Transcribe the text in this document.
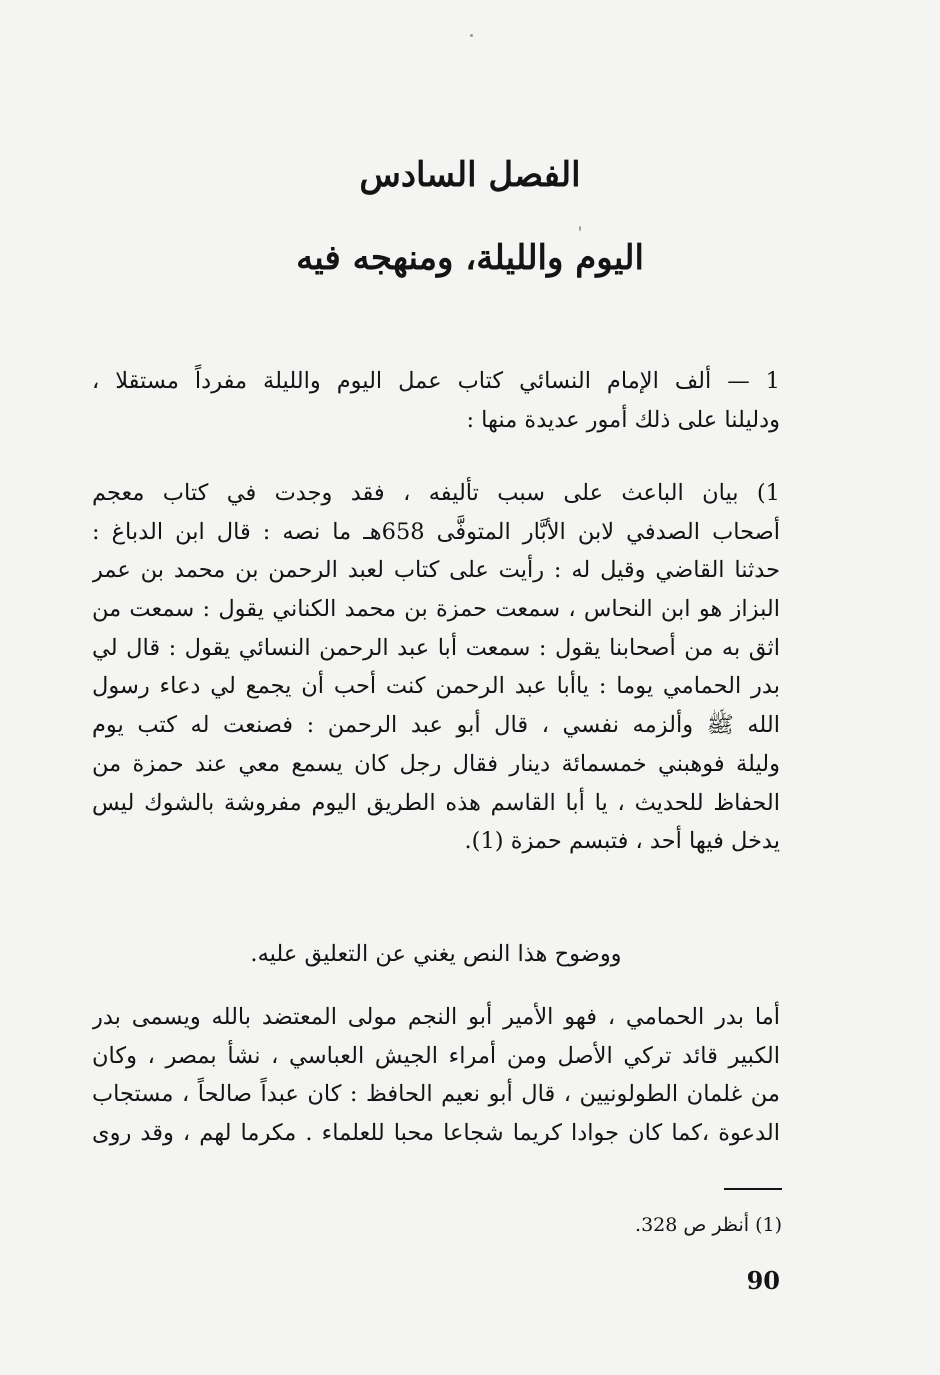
الفصل السادس
اليوم والليلة، ومنهجه فيه
1 — ألف الإمام النسائي كتاب عمل اليوم والليلة مفرداً مستقلا ،
ودليلنا على ذلك أمور عديدة منها :
1) بيان الباعث على سبب تأليفه ، فقد وجدت في كتاب معجم
أصحاب الصدفي لابن الأبَّار المتوفَّى 658هـ ما نصه : قال ابن الدباغ :
حدثنا القاضي وقيل له : رأيت على كتاب لعبد الرحمن بن محمد بن عمر
البزاز هو ابن النحاس ، سمعت حمزة بن محمد الكناني يقول : سمعت من
اثق به من أصحابنا يقول : سمعت أبا عبد الرحمن النسائي يقول : قال لي
بدر الحمامي يوما : ياأبا عبد الرحمن كنت أحب أن يجمع لي دعاء رسول
الله ﷺ وألزمه نفسي ، قال أبو عبد الرحمن : فصنعت له كتب يوم
وليلة فوهبني خمسمائة دينار فقال رجل كان يسمع معي عند حمزة من
الحفاظ للحديث ، يا أبا القاسم هذه الطريق اليوم مفروشة بالشوك ليس
يدخل فيها أحد ، فتبسم حمزة (1).
ووضوح هذا النص يغني عن التعليق عليه.
أما بدر الحمامي ، فهو الأمير أبو النجم مولى المعتضد بالله ويسمى بدر
الكبير قائد تركي الأصل ومن أمراء الجيش العباسي ، نشأ بمصر ، وكان
من غلمان الطولونيين ، قال أبو نعيم الحافظ : كان عبداً صالحاً ، مستجاب
الدعوة ،كما كان جوادا كريما شجاعا محبا للعلماء . مكرما لهم ، وقد روى
(1) أنظر ص 328.
90
